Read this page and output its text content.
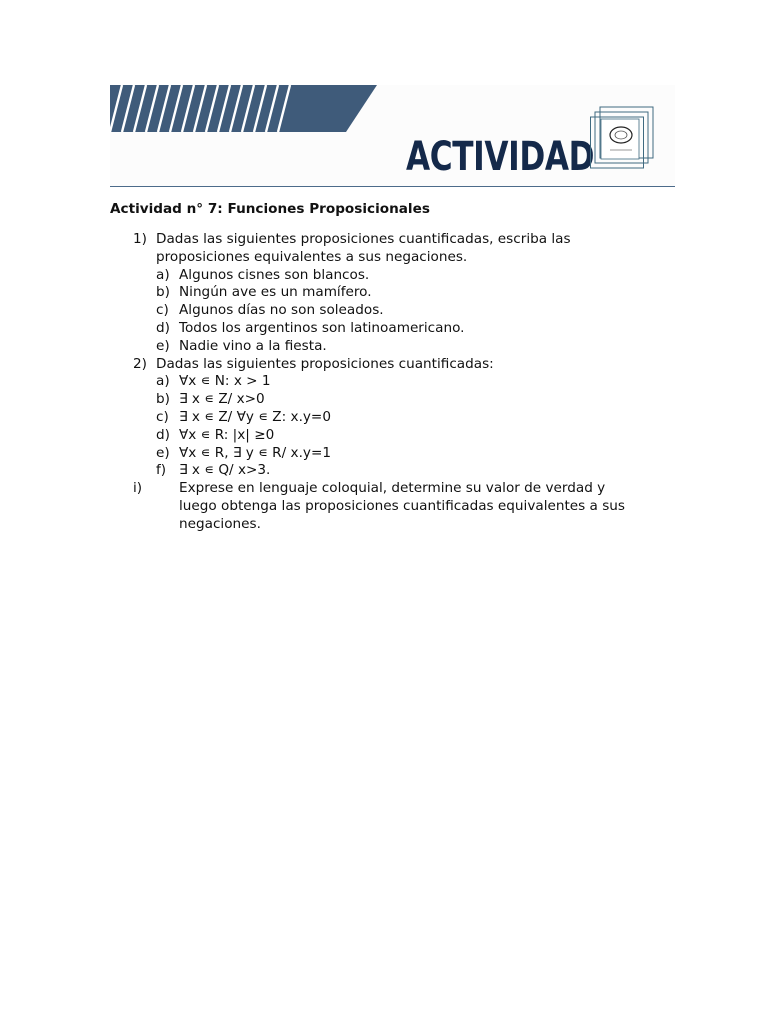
ACTIVIDAD
Actividad n° 7: Funciones Proposicionales
1) Dadas las siguientes proposiciones cuantificadas, escriba las
proposiciones equivalentes a sus negaciones.
a) Algunos cisnes son blancos.
b) Ningún ave es un mamífero.
c) Algunos días no son soleados.
d) Todos los argentinos son latinoamericano.
e) Nadie vino a la fiesta.
2) Dadas las siguientes proposiciones cuantificadas:
a) ∀x ∊ N: x > 1
b) ∃ x ∊ Z/ x>0
c) ∃ x ∊ Z/ ∀y ∊ Z: x.y=0
d) ∀x ∊ R: |x| ≥0
e) ∀x ∊ R, ∃ y ∊ R/ x.y=1
f) ∃ x ∊ Q/ x>3.
i)	Exprese en lenguaje coloquial, determine su valor de verdad y
luego obtenga las proposiciones cuantificadas equivalentes a sus
negaciones.
